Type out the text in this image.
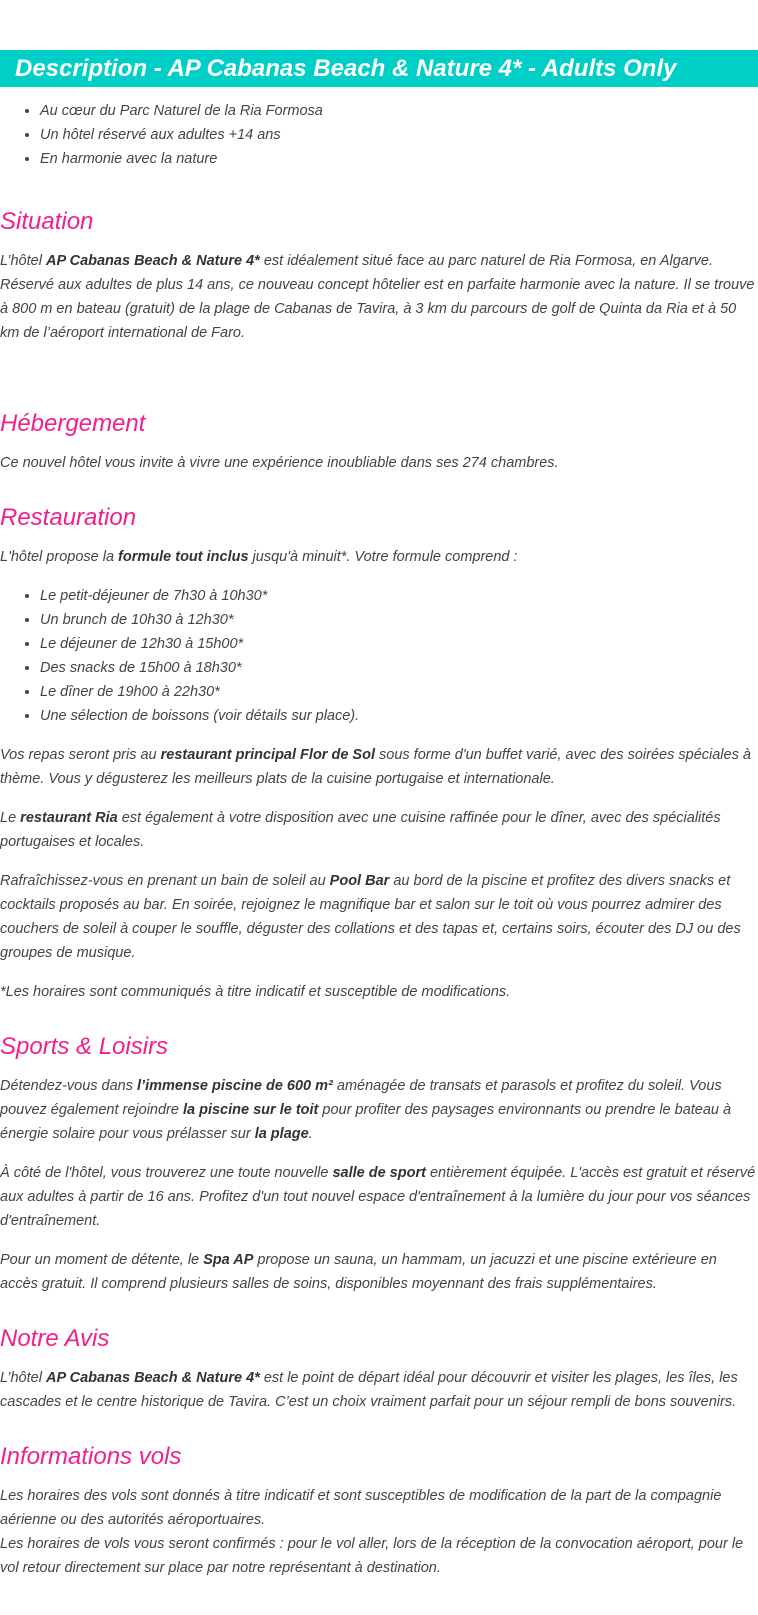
Description - AP Cabanas Beach & Nature 4* - Adults Only
• Au cœur du Parc Naturel de la Ria Formosa
• Un hôtel réservé aux adultes +14 ans
• En harmonie avec la nature
Situation

L’hôtel AP Cabanas Beach & Nature 4* est idéalement situé face au parc naturel de Ria Formosa, en Algarve. Réservé aux adultes de plus 14 ans, ce nouveau concept hôtelier est en parfaite harmonie avec la nature. Il se trouve à 800 m en bateau (gratuit) de la plage de Cabanas de Tavira, à 3 km du parcours de golf de Quinta da Ria et à 50 km de l’aéroport international de Faro.

Hébergement

Ce nouvel hôtel vous invite à vivre une expérience inoubliable dans ses 274 chambres.

Restauration

L'hôtel propose la formule tout inclus jusqu'à minuit*. Votre formule comprend :

• Le petit-déjeuner de 7h30 à 10h30*
• Un brunch de 10h30 à 12h30*
• Le déjeuner de 12h30 à 15h00*
• Des snacks de 15h00 à 18h30*
• Le dîner de 19h00 à 22h30*
• Une sélection de boissons (voir détails sur place).

Vos repas seront pris au restaurant principal Flor de Sol sous forme d'un buffet varié, avec des soirées spéciales à thème. Vous y dégusterez les meilleurs plats de la cuisine portugaise et internationale.

Le restaurant Ria est également à votre disposition avec une cuisine raffinée pour le dîner, avec des spécialités portugaises et locales.

Rafraîchissez-vous en prenant un bain de soleil au Pool Bar au bord de la piscine et profitez des divers snacks et cocktails proposés au bar. En soirée, rejoignez le magnifique bar et salon sur le toit où vous pourrez admirer des couchers de soleil à couper le souffle, déguster des collations et des tapas et, certains soirs, écouter des DJ ou des groupes de musique.

*Les horaires sont communiqués à titre indicatif et susceptible de modifications.

Sports & Loisirs

Détendez-vous dans l’immense piscine de 600 m² aménagée de transats et parasols et profitez du soleil. Vous pouvez également rejoindre la piscine sur le toit pour profiter des paysages environnants ou prendre le bateau à énergie solaire pour vous prélasser sur la plage.

À côté de l'hôtel, vous trouverez une toute nouvelle salle de sport entièrement équipée. L'accès est gratuit et réservé aux adultes à partir de 16 ans. Profitez d'un tout nouvel espace d'entraînement à la lumière du jour pour vos séances d'entraînement.

Pour un moment de détente, le Spa AP propose un sauna, un hammam, un jacuzzi et une piscine extérieure en accès gratuit. Il comprend plusieurs salles de soins, disponibles moyennant des frais supplémentaires.

Notre Avis

L’hôtel AP Cabanas Beach & Nature 4* est le point de départ idéal pour découvrir et visiter les plages, les îles, les cascades et le centre historique de Tavira. C’est un choix vraiment parfait pour un séjour rempli de bons souvenirs.

Informations vols

Les horaires des vols sont donnés à titre indicatif et sont susceptibles de modification de la part de la compagnie aérienne ou des autorités aéroportuaires.
Les horaires de vols vous seront confirmés : pour le vol aller, lors de la réception de la convocation aéroport, pour le vol retour directement sur place par notre représentant à destination.
